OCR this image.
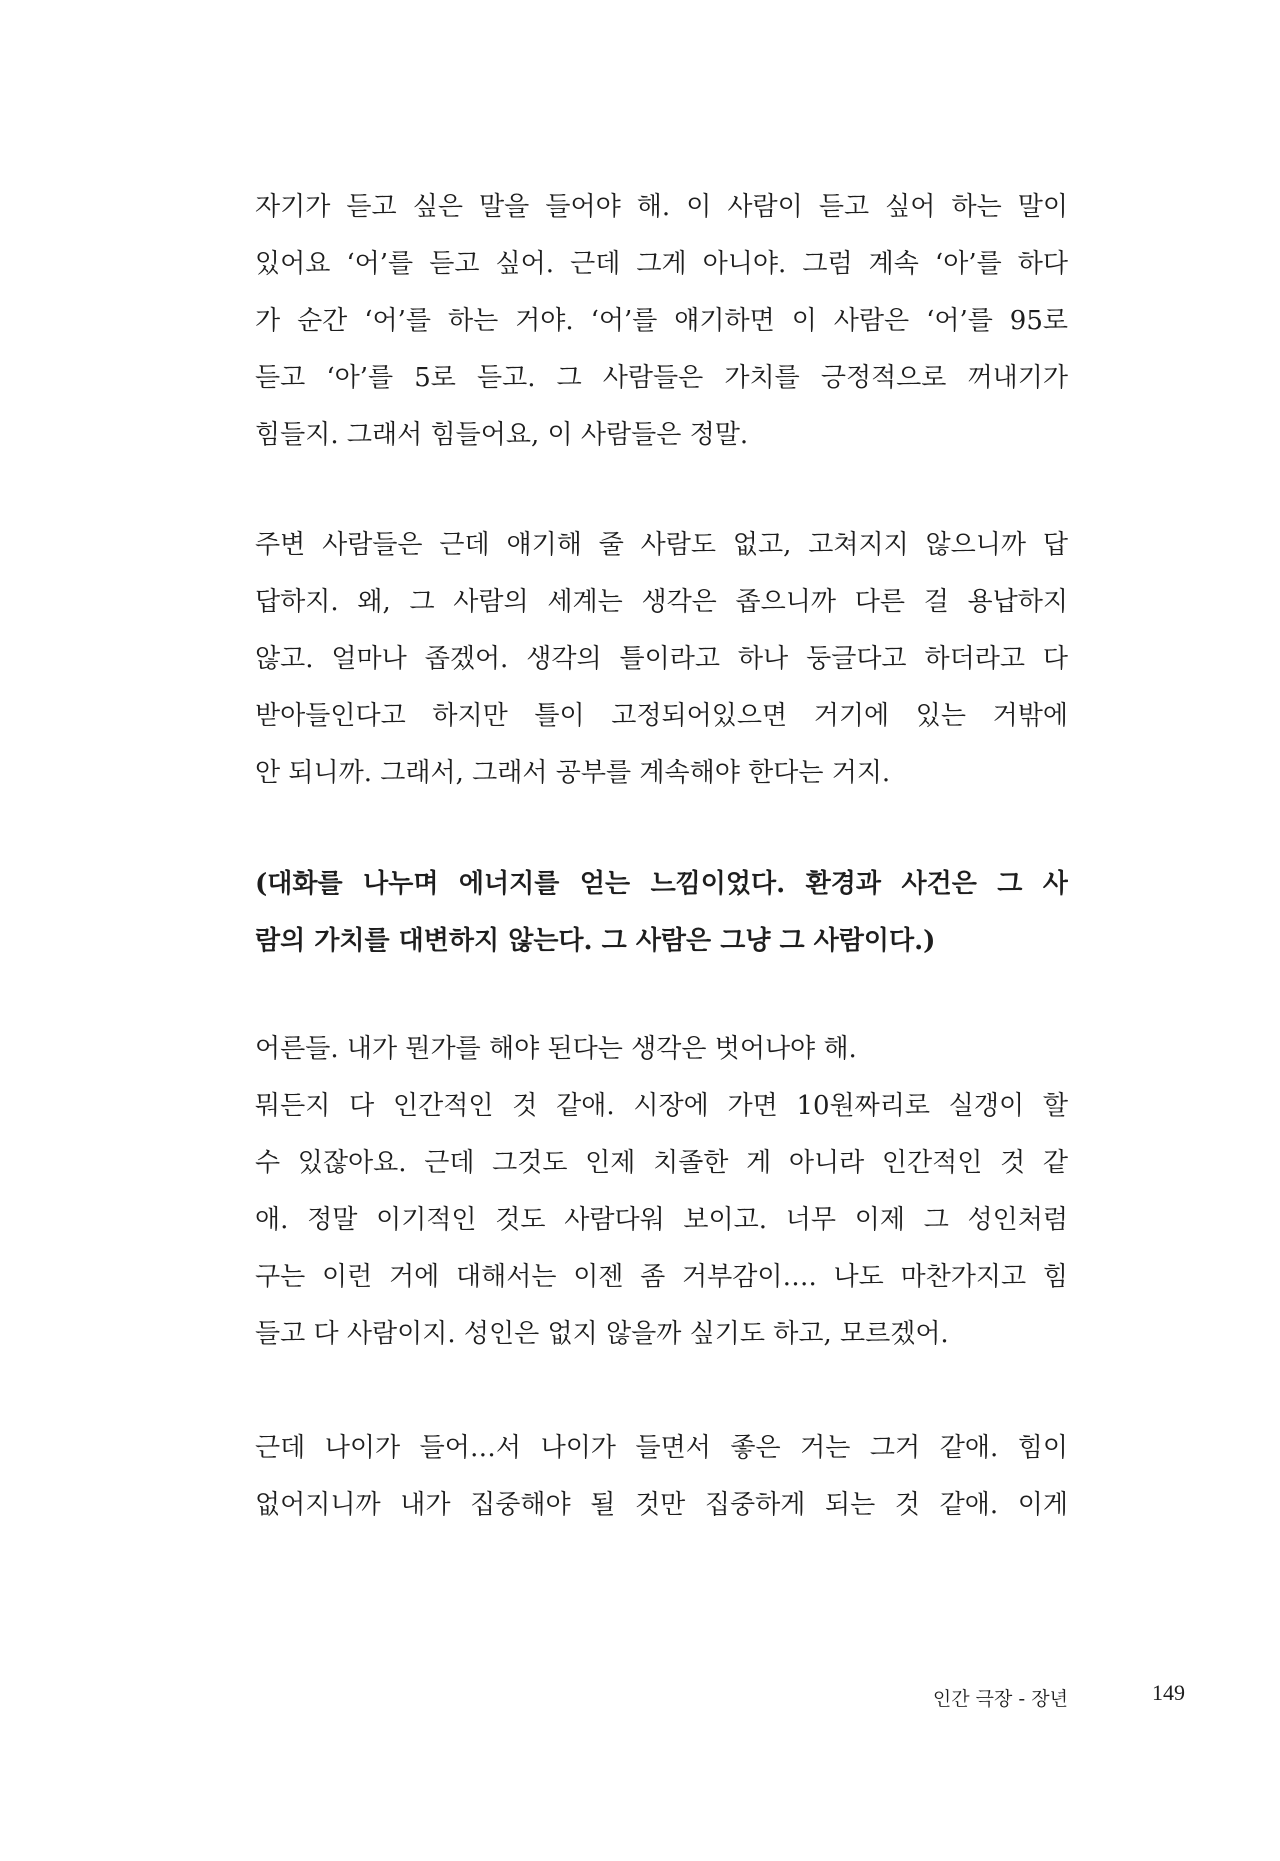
자기가 듣고 싶은 말을 들어야 해. 이 사람이 듣고 싶어 하는 말이
있어요 ‘어’를 듣고 싶어. 근데 그게 아니야. 그럼 계속 ‘아’를 하다
가 순간 ‘어’를 하는 거야. ‘어’를 얘기하면 이 사람은 ‘어’를 95로
듣고 ‘아’를 5로 듣고. 그 사람들은 가치를 긍정적으로 꺼내기가
힘들지. 그래서 힘들어요, 이 사람들은 정말.
주변 사람들은 근데 얘기해 줄 사람도 없고, 고쳐지지 않으니까 답
답하지. 왜, 그 사람의 세계는 생각은 좁으니까 다른 걸 용납하지
않고. 얼마나 좁겠어. 생각의 틀이라고 하나 둥글다고 하더라고 다
받아들인다고 하지만 틀이 고정되어있으면 거기에 있는 거밖에
안 되니까. 그래서, 그래서 공부를 계속해야 한다는 거지.
(대화를 나누며 에너지를 얻는 느낌이었다. 환경과 사건은 그 사
람의 가치를 대변하지 않는다. 그 사람은 그냥 그 사람이다.)
어른들. 내가 뭔가를 해야 된다는 생각은 벗어나야 해.
뭐든지 다 인간적인 것 같애. 시장에 가면 10원짜리로 실갱이 할
수 있잖아요. 근데 그것도 인제 치졸한 게 아니라 인간적인 것 같
애. 정말 이기적인 것도 사람다워 보이고. 너무 이제 그 성인처럼
구는 이런 거에 대해서는 이젠 좀 거부감이…. 나도 마찬가지고 힘
들고 다 사람이지. 성인은 없지 않을까 싶기도 하고, 모르겠어.
근데 나이가 들어…서 나이가 들면서 좋은 거는 그거 같애. 힘이
없어지니까 내가 집중해야 될 것만 집중하게 되는 것 같애. 이게
인간 극장 - 장년	149
